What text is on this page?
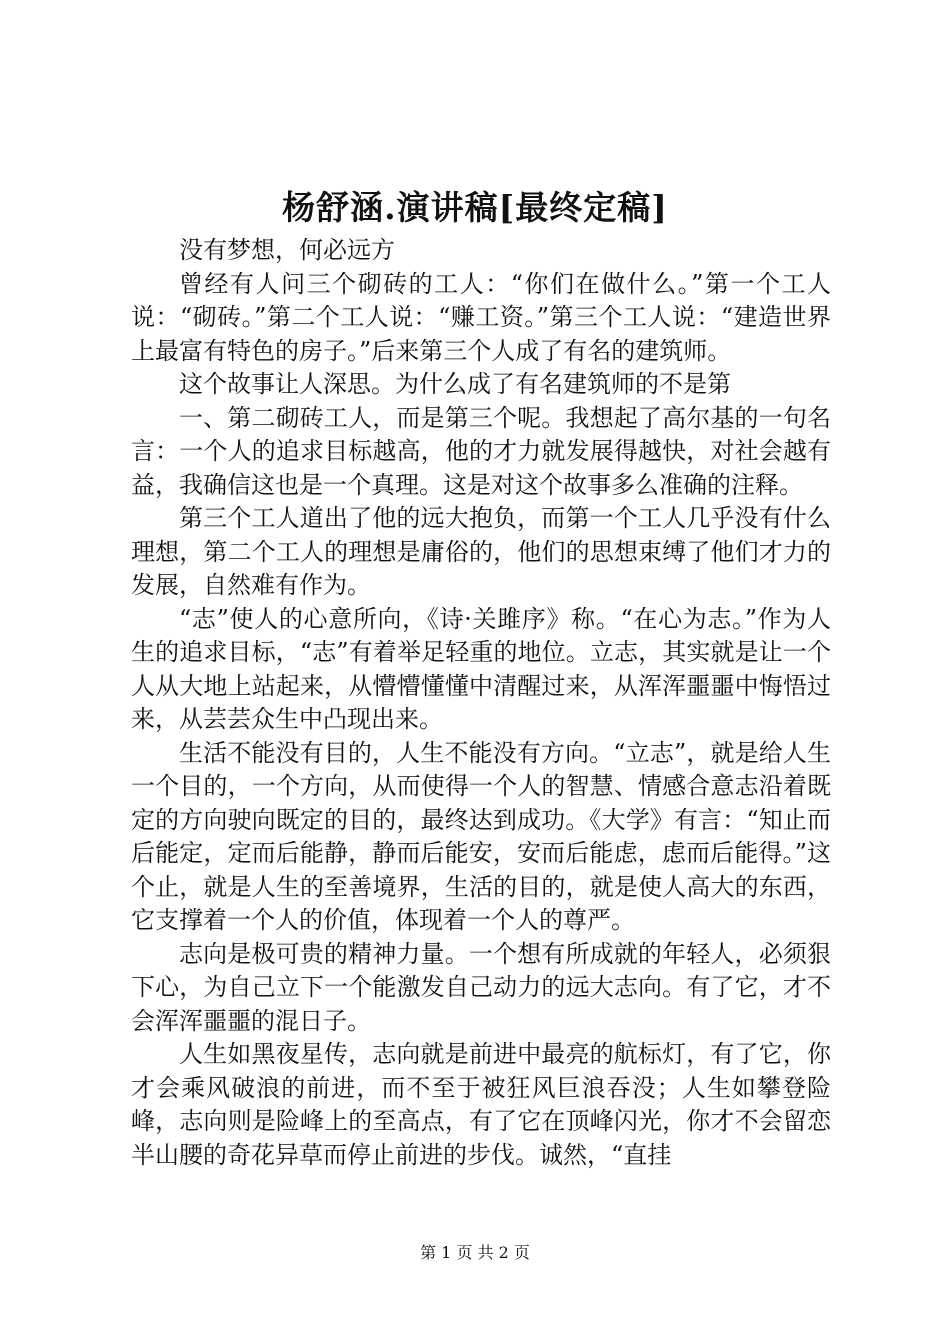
杨舒涵.演讲稿[最终定稿]

没有梦想，何必远方

曾经有人问三个砌砖的工人：“你们在做什么。”第一个工人说：“砌砖。”第二个工人说：“赚工资。”第三个工人说：“建造世界上最富有特色的房子。”后来第三个人成了有名的建筑师。

这个故事让人深思。为什么成了有名建筑师的不是第

一、第二砌砖工人，而是第三个呢。我想起了高尔基的一句名言：一个人的追求目标越高，他的才力就发展得越快，对社会越有益，我确信这也是一个真理。这是对这个故事多么准确的注释。

第三个工人道出了他的远大抱负，而第一个工人几乎没有什么理想，第二个工人的理想是庸俗的，他们的思想束缚了他们才力的发展，自然难有作为。

“志”使人的心意所向，《诗·关雎序》称。“在心为志。”作为人生的追求目标，“志”有着举足轻重的地位。立志，其实就是让一个人从大地上站起来，从懵懵懂懂中清醒过来，从浑浑噩噩中悔悟过来，从芸芸众生中凸现出来。

生活不能没有目的，人生不能没有方向。“立志”，就是给人生一个目的，一个方向，从而使得一个人的智慧、情感合意志沿着既定的方向驶向既定的目的，最终达到成功。《大学》有言：“知止而后能定，定而后能静，静而后能安，安而后能虑，虑而后能得。”这个止，就是人生的至善境界，生活的目的，就是使人高大的东西，它支撑着一个人的价值，体现着一个人的尊严。

志向是极可贵的精神力量。一个想有所成就的年轻人，必须狠下心，为自己立下一个能激发自己动力的远大志向。有了它，才不会浑浑噩噩的混日子。

人生如黑夜星传，志向就是前进中最亮的航标灯，有了它，你才会乘风破浪的前进，而不至于被狂风巨浪吞没；人生如攀登险峰，志向则是险峰上的至高点，有了它在顶峰闪光，你才不会留恋半山腰的奇花异草而停止前进的步伐。诚然，“直挂

第 1 页 共 2 页
